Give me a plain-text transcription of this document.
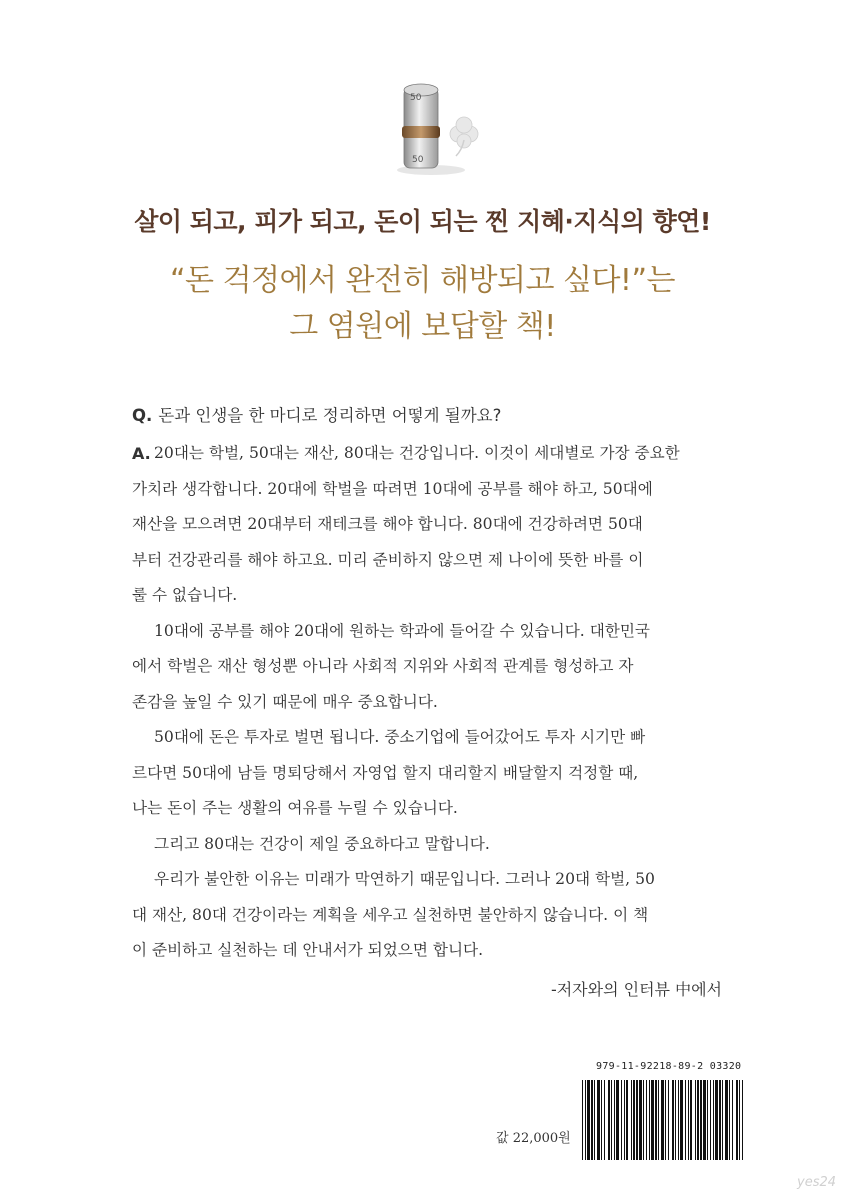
50
50
살이 되고, 피가 되고, 돈이 되는 찐 지혜·지식의 향연!
“돈 걱정에서 완전히 해방되고 싶다!”는
그 염원에 보답할 책!
Q. 돈과 인생을 한 마디로 정리하면 어떻게 될까요?
A. 20대는 학벌, 50대는 재산, 80대는 건강입니다. 이것이 세대별로 가장 중요한
가치라 생각합니다. 20대에 학벌을 따려면 10대에 공부를 해야 하고, 50대에
재산을 모으려면 20대부터 재테크를 해야 합니다. 80대에 건강하려면 50대
부터 건강관리를 해야 하고요. 미리 준비하지 않으면 제 나이에 뜻한 바를 이
룰 수 없습니다.
10대에 공부를 해야 20대에 원하는 학과에 들어갈 수 있습니다. 대한민국
에서 학벌은 재산 형성뿐 아니라 사회적 지위와 사회적 관계를 형성하고 자
존감을 높일 수 있기 때문에 매우 중요합니다.
50대에 돈은 투자로 벌면 됩니다. 중소기업에 들어갔어도 투자 시기만 빠
르다면 50대에 남들 명퇴당해서 자영업 할지 대리할지 배달할지 걱정할 때,
나는 돈이 주는 생활의 여유를 누릴 수 있습니다.
그리고 80대는 건강이 제일 중요하다고 말합니다.
우리가 불안한 이유는 미래가 막연하기 때문입니다. 그러나 20대 학벌, 50
대 재산, 80대 건강이라는 계획을 세우고 실천하면 불안하지 않습니다. 이 책
이 준비하고 실천하는 데 안내서가 되었으면 합니다.
-저자와의 인터뷰 中에서
979-11-92218-89-2 03320
값 22,000원
yes24
